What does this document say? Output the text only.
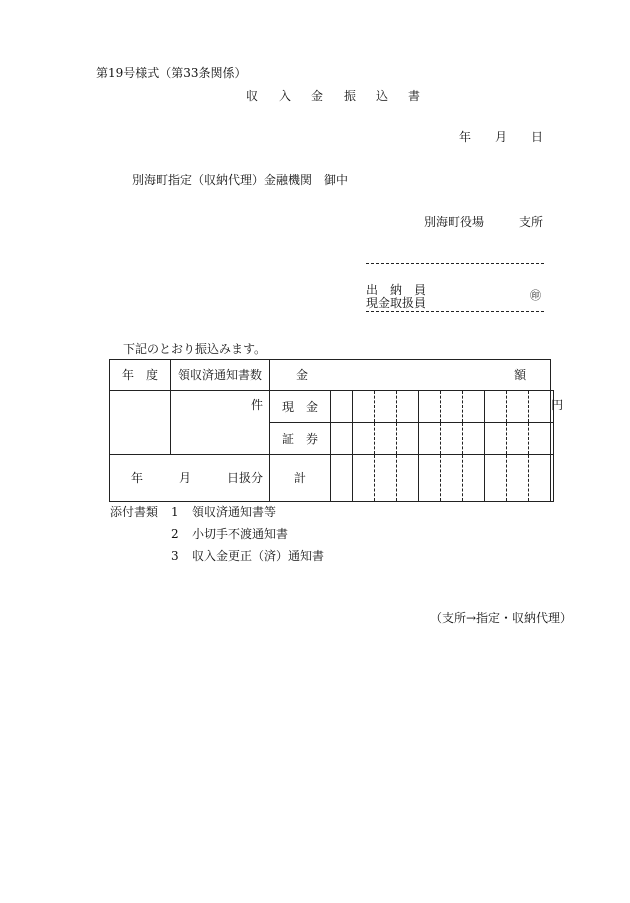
第19号様式（第33条関係）
収 入 金 振 込 書
年 月 日
別海町指定（収納代理）金融機関　御中
別海町役場	支所
出　納　員
現金取扱員
㊞
下記のとおり振込みます。
年　度	領収済通知書数	金 額											

	件	現　金											円
		証　券											
年　　　月　　　日扱分		計											
添付書類 1 領収済通知書等
2 小切手不渡通知書
3 収入金更正（済）通知書
（支所→指定・収納代理）
